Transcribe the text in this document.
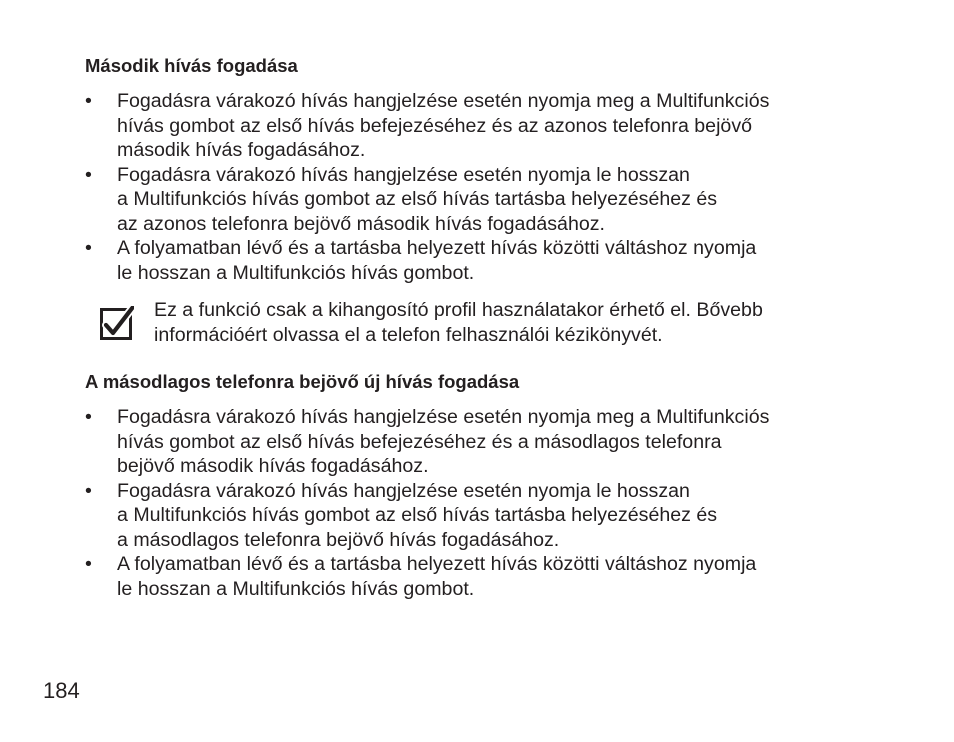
Második hívás fogadása
• Fogadásra várakozó hívás hangjelzése esetén nyomja meg a Multifunkciós
hívás gombot az első hívás befejezéséhez és az azonos telefonra bejövő
második hívás fogadásához.
• Fogadásra várakozó hívás hangjelzése esetén nyomja le hosszan
a Multifunkciós hívás gombot az első hívás tartásba helyezéséhez és
az azonos telefonra bejövő második hívás fogadásához.
• A folyamatban lévő és a tartásba helyezett hívás közötti váltáshoz nyomja
le hosszan a Multifunkciós hívás gombot.
Ez a funkció csak a kihangosító profil használatakor érhető el. Bővebb
információért olvassa el a telefon felhasználói kézikönyvét.
A másodlagos telefonra bejövő új hívás fogadása
• Fogadásra várakozó hívás hangjelzése esetén nyomja meg a Multifunkciós
hívás gombot az első hívás befejezéséhez és a másodlagos telefonra
bejövő második hívás fogadásához.
• Fogadásra várakozó hívás hangjelzése esetén nyomja le hosszan
a Multifunkciós hívás gombot az első hívás tartásba helyezéséhez és
a másodlagos telefonra bejövő hívás fogadásához.
• A folyamatban lévő és a tartásba helyezett hívás közötti váltáshoz nyomja
le hosszan a Multifunkciós hívás gombot.
184
